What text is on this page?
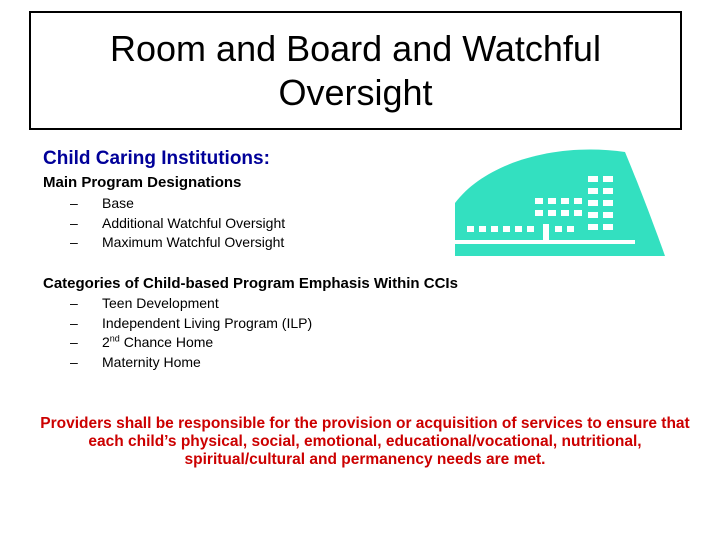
Room and Board and Watchful
Oversight

Child Caring Institutions:

Main Program Designations

–	Base
–	Additional Watchful Oversight
–	Maximum Watchful Oversight

Categories of Child-based Program Emphasis Within CCIs

–	Teen Development
–	Independent Living Program (ILP)
–	2nd Chance Home
–	Maternity Home

Providers shall be responsible for the provision or acquisition of services to ensure that each child’s physical, social, emotional, educational/vocational, nutritional, spiritual/cultural and permanency needs are met.
